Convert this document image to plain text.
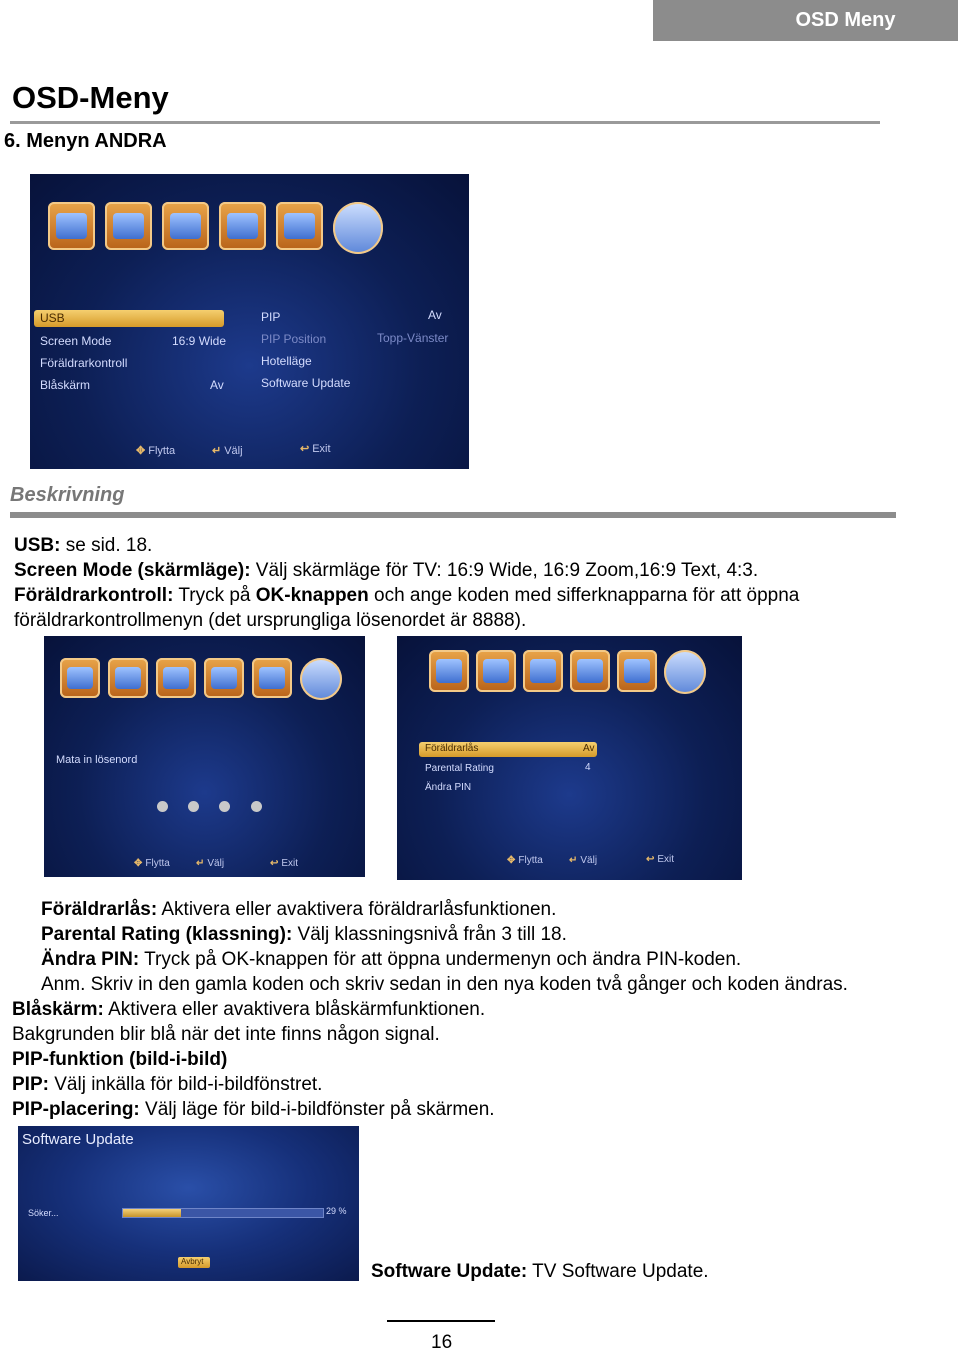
OSD Meny
OSD-Meny
6. Menyn ANDRA
USB
Screen Mode	16:9 Wide
Föräldrarkontroll
Blåskärm	Av
PIP	Av
PIP Position	Topp-Vänster
Hotelläge
Software Update
✥ Flytta	↵ Välj	↩ Exit
Beskrivning
USB: se sid. 18.
Screen Mode (skärmläge): Välj skärmläge för TV: 16:9 Wide, 16:9 Zoom,16:9 Text, 4:3.
Föräldrarkontroll: Tryck på OK-knappen och ange koden med sifferknapparna för att öppna
föräldrarkontrollmenyn (det ursprungliga lösenordet är 8888).
Mata in lösenord
✥ Flytta	↵ Välj	↩ Exit
Föräldrarlås	Av
Parental Rating	4
Ändra PIN
✥ Flytta	↵ Välj	↩ Exit
Föräldrarlås: Aktivera eller avaktivera föräldrarlåsfunktionen.
Parental Rating (klassning): Välj klassningsnivå från 3 till 18.
Ändra PIN: Tryck på OK-knappen för att öppna undermenyn och ändra PIN-koden.
Anm. Skriv in den gamla koden och skriv sedan in den nya koden två gånger och koden ändras.
Blåskärm: Aktivera eller avaktivera blåskärmfunktionen.
Bakgrunden blir blå när det inte finns någon signal.
PIP-funktion (bild-i-bild)
PIP: Välj inkälla för bild-i-bildfönstret.
PIP-placering: Välj läge för bild-i-bildfönster på skärmen.
Software Update
Söker...	29 %
Avbryt	Software Update: TV Software Update.
16
